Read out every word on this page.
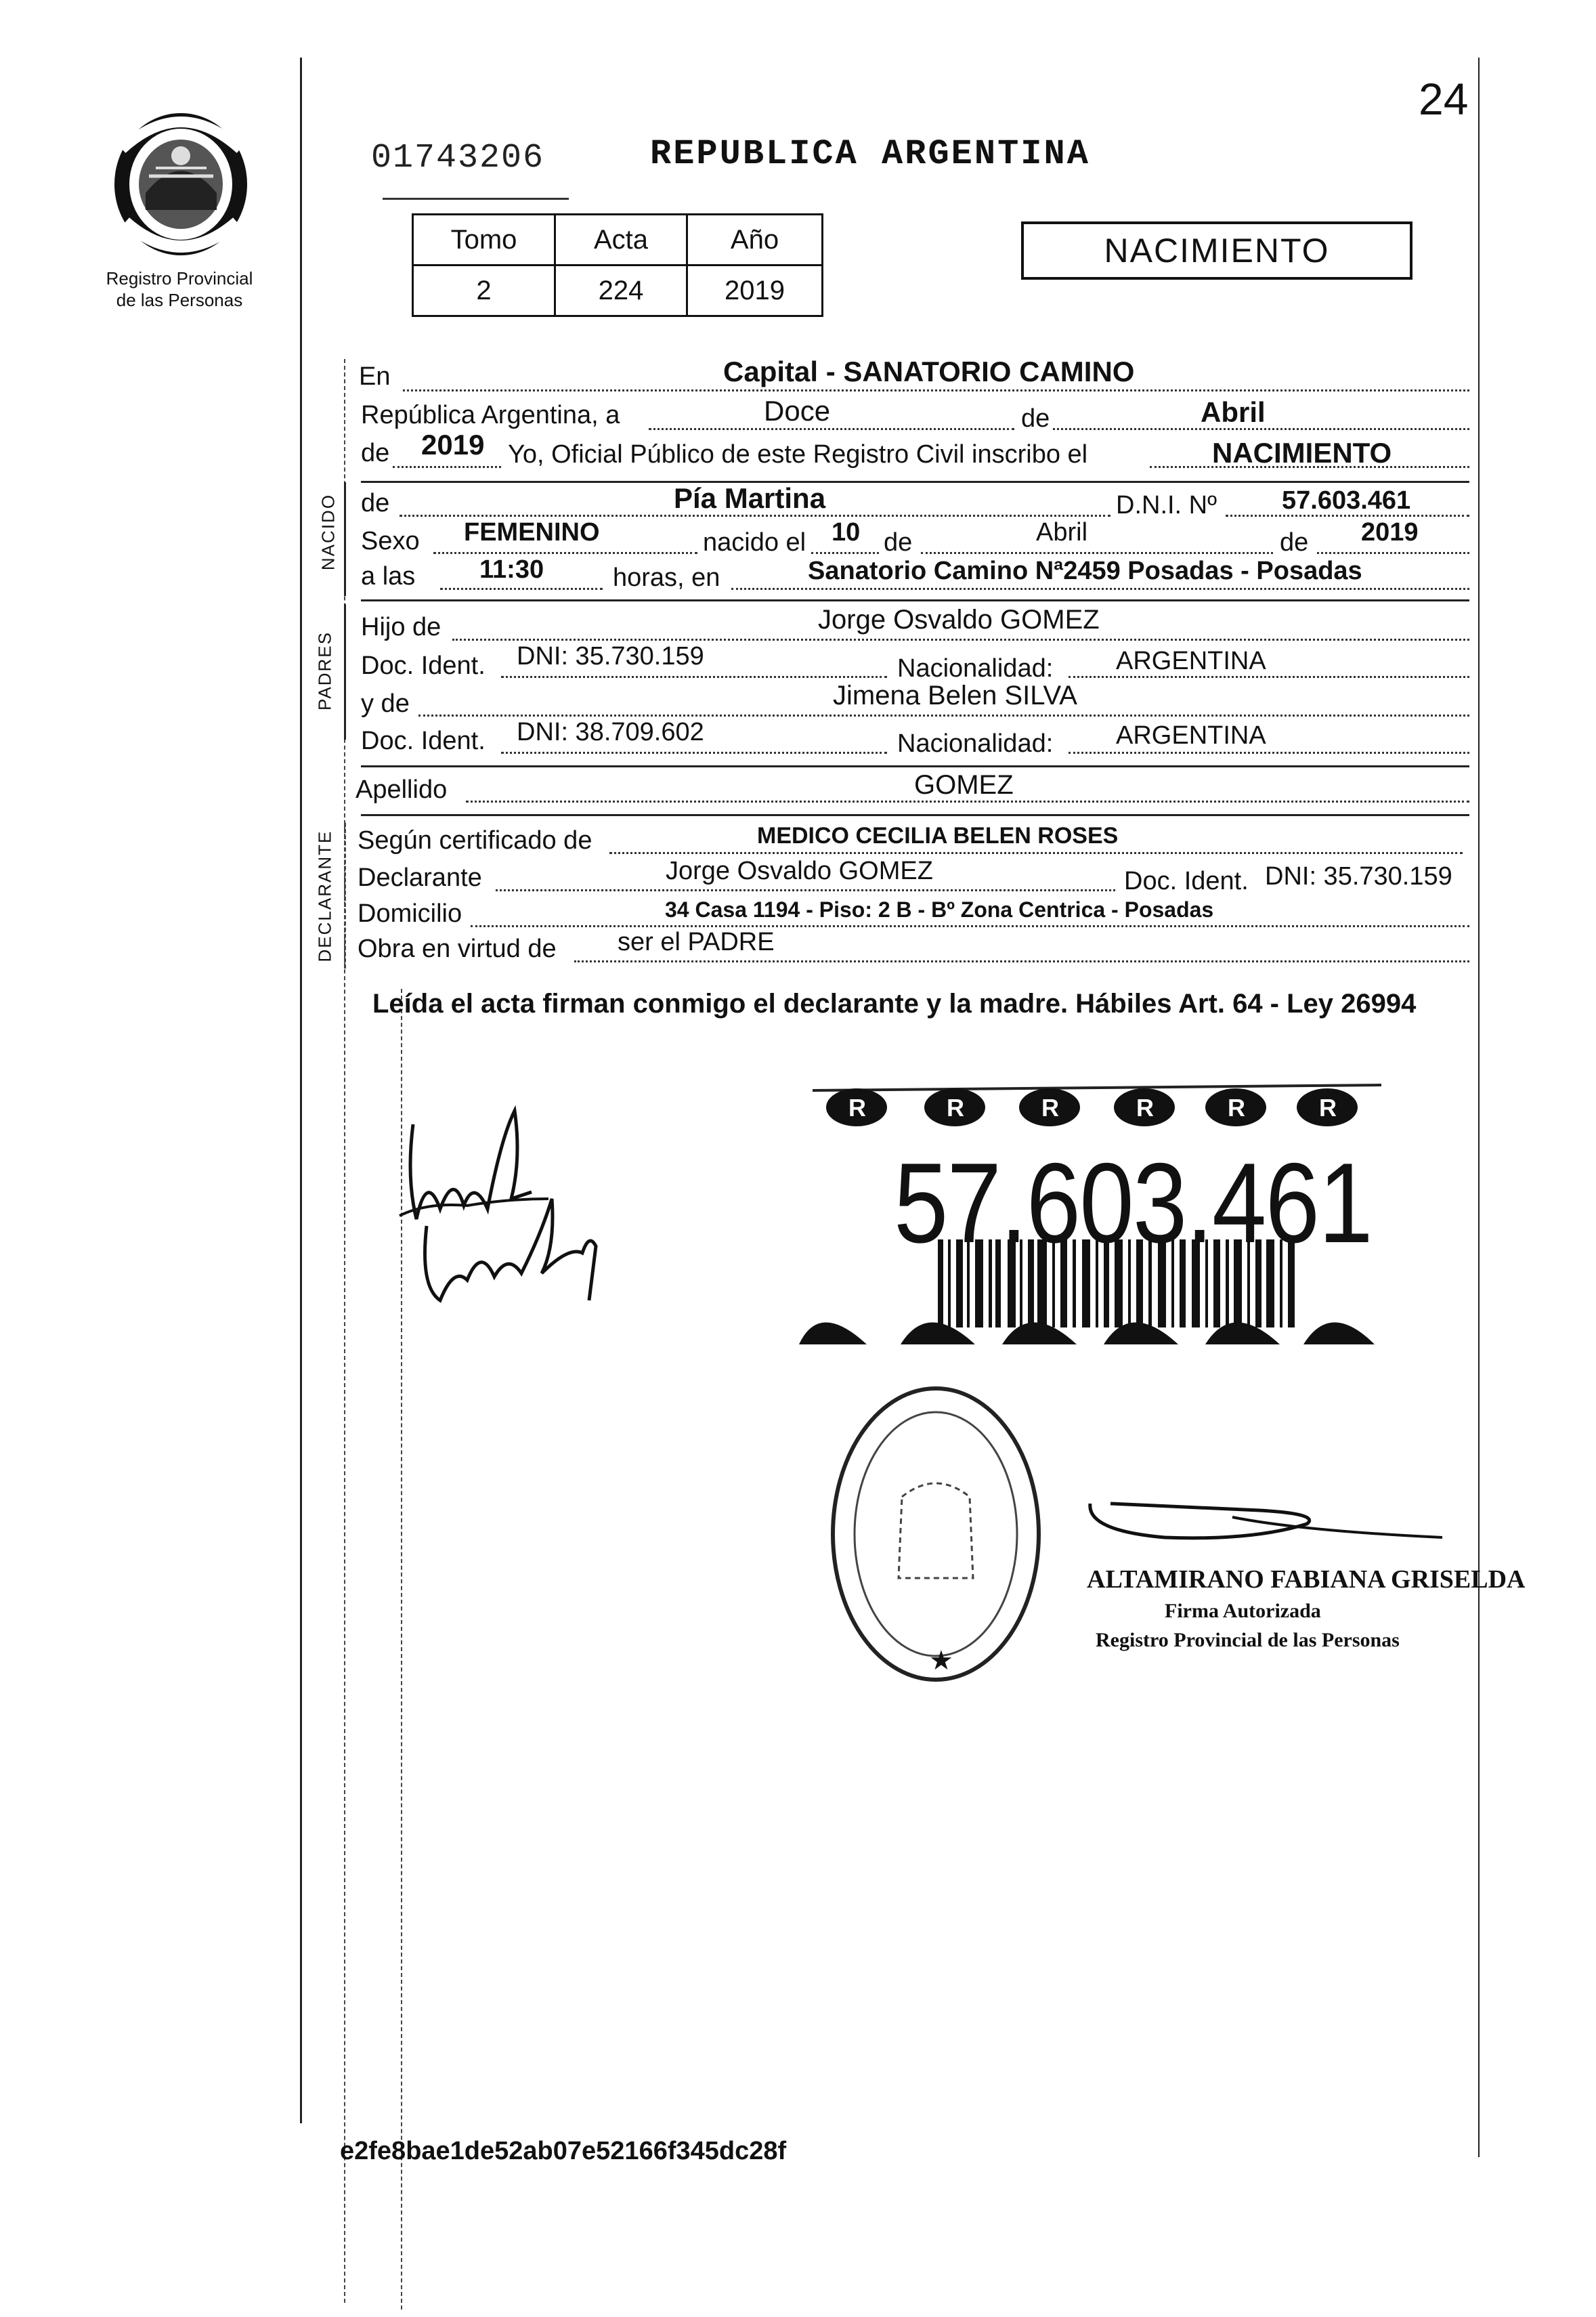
24
Registro Provincial
de las Personas
01743206	REPUBLICA ARGENTINA
Tomo	Acta	Año
2	224	2019
NACIMIENTO
En	Capital - SANATORIO CAMINO
República Argentina, a	Doce	de	Abril
de 2019 Yo, Oficial Público de este Registro Civil inscribo el	NACIMIENTO
NACIDO de	Pía Martina	D.N.I. Nº	57.603.461
Sexo FEMENINO	nacido el 10 de	Abril	de 2019
a las 11:30	horas, en	Sanatorio Camino Nª2459 Posadas - Posadas
PADRES
Hijo de	Jorge Osvaldo GOMEZ
Doc. Ident. DNI: 35.730.159	Nacionalidad: ARGENTINA
y de	Jimena Belen SILVA
Doc. Ident. DNI: 38.709.602	Nacionalidad: ARGENTINA
Apellido	GOMEZ
DECLARANTE Según certificado de	MEDICO CECILIA BELEN ROSES
Declarante	Jorge Osvaldo GOMEZ	Doc. Ident. DNI: 35.730.159
Domicilio	34 Casa 1194 - Piso: 2 B - Bº Zona Centrica - Posadas
Obra en virtud de ser el PADRE
Leída el acta firman conmigo el declarante y la madre. Hábiles Art. 64 - Ley 26994
R	R	R	R	R	R
57.603.461
★
ALTAMIRANO FABIANA GRISELDA
Firma Autorizada
Registro Provincial de las Personas
e2fe8bae1de52ab07e52166f345dc28f
